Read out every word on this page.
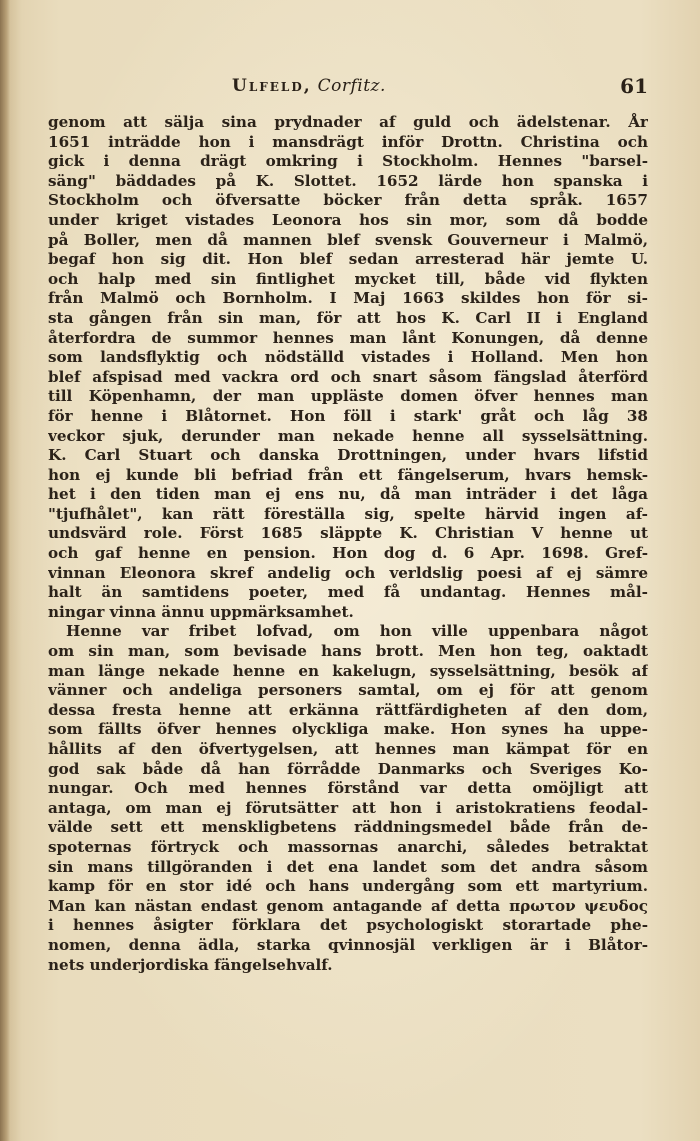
Ulfeld, Corfitz.	61
genom att sälja sina prydnader af guld och ädelstenar. År
1651 inträdde hon i mansdrägt inför Drottn. Christina och
gick i denna drägt omkring i Stockholm. Hennes "barsel-
säng" bäddades på K. Slottet. 1652 lärde hon spanska i
Stockholm och öfversatte böcker från detta språk. 1657
under kriget vistades Leonora hos sin mor, som då bodde
på Boller, men då mannen blef svensk Gouverneur i Malmö,
begaf hon sig dit. Hon blef sedan arresterad här jemte U.
och halp med sin fintlighet mycket till, både vid flykten
från Malmö och Bornholm. I Maj 1663 skildes hon för si-
sta gången från sin man, för att hos K. Carl II i England
återfordra de summor hennes man lånt Konungen, då denne
som landsflyktig och nödställd vistades i Holland. Men hon
blef afspisad med vackra ord och snart såsom fängslad återförd
till Köpenhamn, der man uppläste domen öfver hennes man
för henne i Blåtornet. Hon föll i stark' gråt och låg 38
veckor sjuk, derunder man nekade henne all sysselsättning.
K. Carl Stuart och danska Drottningen, under hvars lifstid
hon ej kunde bli befriad från ett fängelserum, hvars hemsk-
het i den tiden man ej ens nu, då man inträder i det låga
"tjufhålet", kan rätt föreställa sig, spelte härvid ingen af-
undsvärd role. Först 1685 släppte K. Christian V henne ut
och gaf henne en pension. Hon dog d. 6 Apr. 1698. Gref-
vinnan Eleonora skref andelig och verldslig poesi af ej sämre
halt än samtidens poeter, med få undantag. Hennes mål-
ningar vinna ännu uppmärksamhet.
Henne var fribet lofvad, om hon ville uppenbara något
om sin man, som bevisade hans brott. Men hon teg, oaktadt
man länge nekade henne en kakelugn, sysselsättning, besök af
vänner och andeliga personers samtal, om ej för att genom
dessa fresta henne att erkänna rättfärdigheten af den dom,
som fällts öfver hennes olyckliga make. Hon synes ha uppe-
hållits af den öfvertygelsen, att hennes man kämpat för en
god sak både då han förrådde Danmarks och Sveriges Ko-
nungar. Och med hennes förstånd var detta omöjligt att
antaga, om man ej förutsätter att hon i aristokratiens feodal-
välde sett ett menskligbetens räddningsmedel både från de-
spoternas förtryck och massornas anarchi, således betraktat
sin mans tillgöranden i det ena landet som det andra såsom
kamp för en stor idé och hans undergång som ett martyrium.
Man kan nästan endast genom antagande af detta πρωτον ψευδος
i hennes åsigter förklara det psychologiskt storartade phe-
nomen, denna ädla, starka qvinnosjäl verkligen är i Blåtor-
nets underjordiska fängelsehvalf.
